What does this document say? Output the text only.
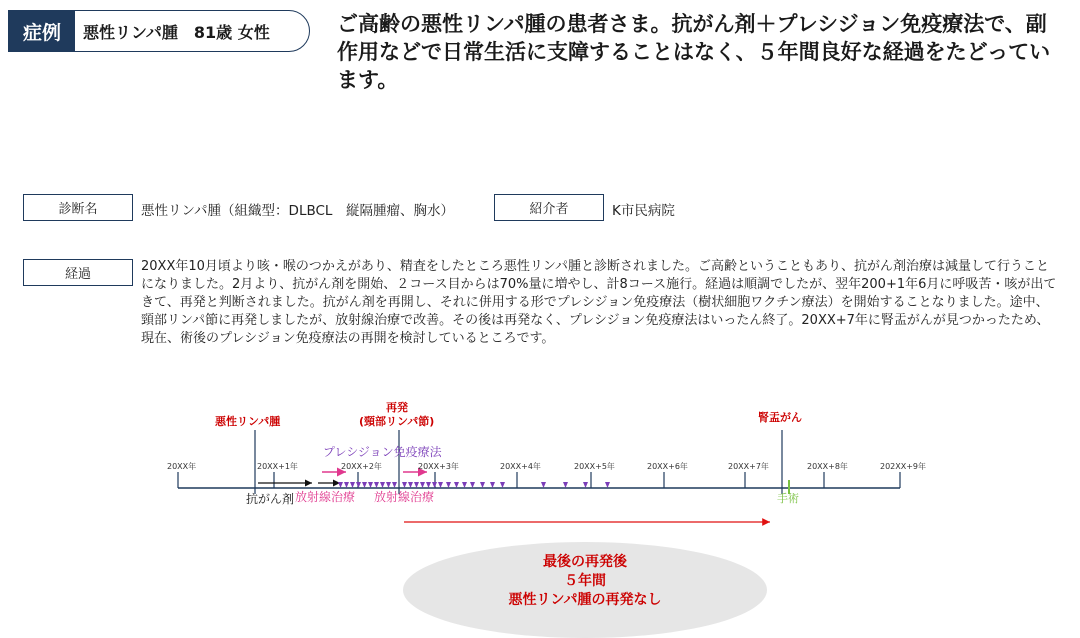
症例	悪性リンパ腫　81歳 女性	ご高齢の悪性リンパ腫の患者さま。抗がん剤＋プレシジョン免疫療法で、副作用などで日常生活に支障することはなく、５年間良好な経過をたどっています。
診断名	悪性リンパ腫（組織型：DLBCL　縦隔腫瘤、胸水）	紹介者	K市民病院
経過
20XX年10月頃より咳・喉のつかえがあり、精査をしたところ悪性リンパ腫と診断されました。ご高齢ということもあり、抗がん剤治療は減量して行うことになりました。2月より、抗がん剤を開始、２コース目からは70%量に増やし、計8コース施行。経過は順調でしたが、翌年200+1年6月に呼吸苦・咳が出てきて、再発と判断されました。抗がん剤を再開し、それに併用する形でプレシジョン免疫療法（樹状細胞ワクチン療法）を開始することなりました。途中、頸部リンパ節に再発しましたが、放射線治療で改善。その後は再発なく、プレシジョン免疫療法はいったん終了。20XX+7年に腎盂がんが見つかったため、現在、術後のプレシジョン免疫療法の再開を検討しているところです。
20XX年	20XX+1年	20XX+2年	20XX+3年	20XX+4年	20XX+5年	20XX+6年	20XX+7年	20XX+8年	202XX+9年
悪性リンパ腫
再発
(頸部リンパ節)	腎盂がん
プレシジョン免疫療法
抗がん剤 放射線治療 放射線治療	手術
最後の再発後
５年間
悪性リンパ腫の再発なし
